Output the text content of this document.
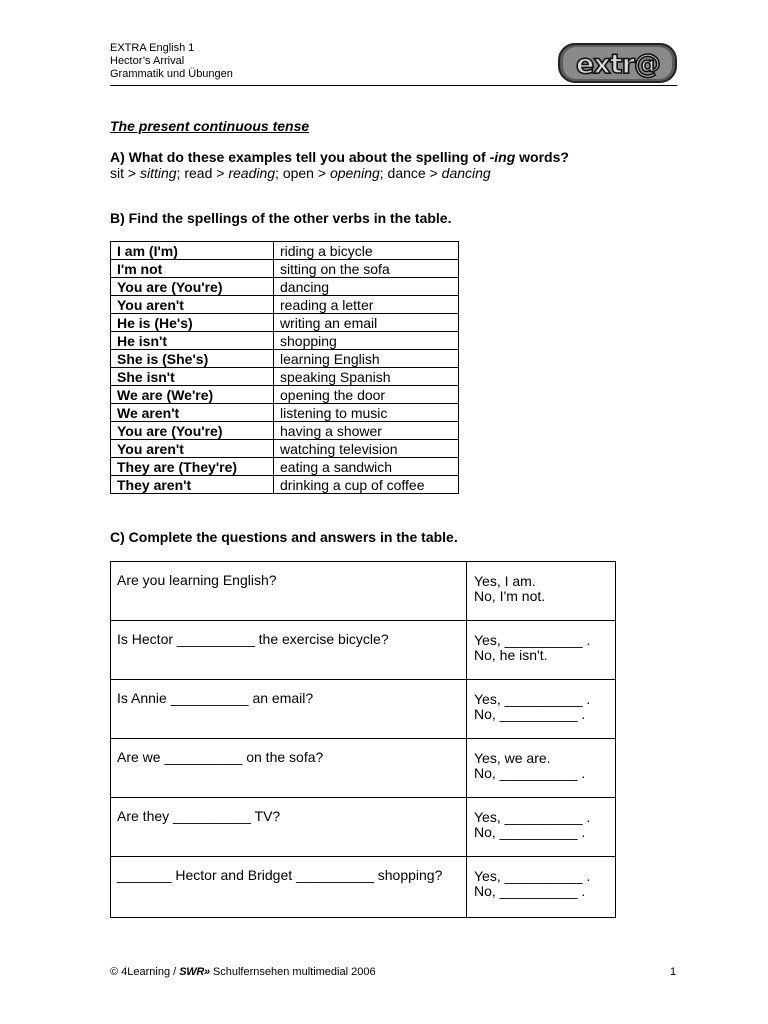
EXTRA English 1
Hector’s Arrival
Grammatik und Übungen	extr@
The present continuous tense
A) What do these examples tell you about the spelling of -ing words?
sit > sitting; read > reading; open > opening; dance > dancing
B) Find the spellings of the other verbs in the table.
I am (I'm)	riding a bicycle
I'm not	sitting on the sofa
You are (You're)	dancing
You aren't	reading a letter
He is (He's)	writing an email
He isn't	shopping
She is (She's)	learning English
She isn't	speaking Spanish
We are (We're)	opening the door
We aren't	listening to music
You are (You're)	having a shower
You aren't	watching television
They are (They're)	eating a sandwich
They aren't	drinking a cup of coffee
C) Complete the questions and answers in the table.
Are you learning English?	Yes, I am.
No, I'm not.

Is Hector __________ the exercise bicycle?	Yes, __________ .
No, he isn't.

Is Annie __________ an email?	Yes, __________ .
No, __________ .

Are we __________ on the sofa?	Yes, we are.
No, __________ .

Are they __________ TV?	Yes, __________ .
No, __________ .

_______ Hector and Bridget __________ shopping?	Yes, __________ .
No, __________ .
© 4Learning / SWR» Schulfernsehen multimedial 2006	1
